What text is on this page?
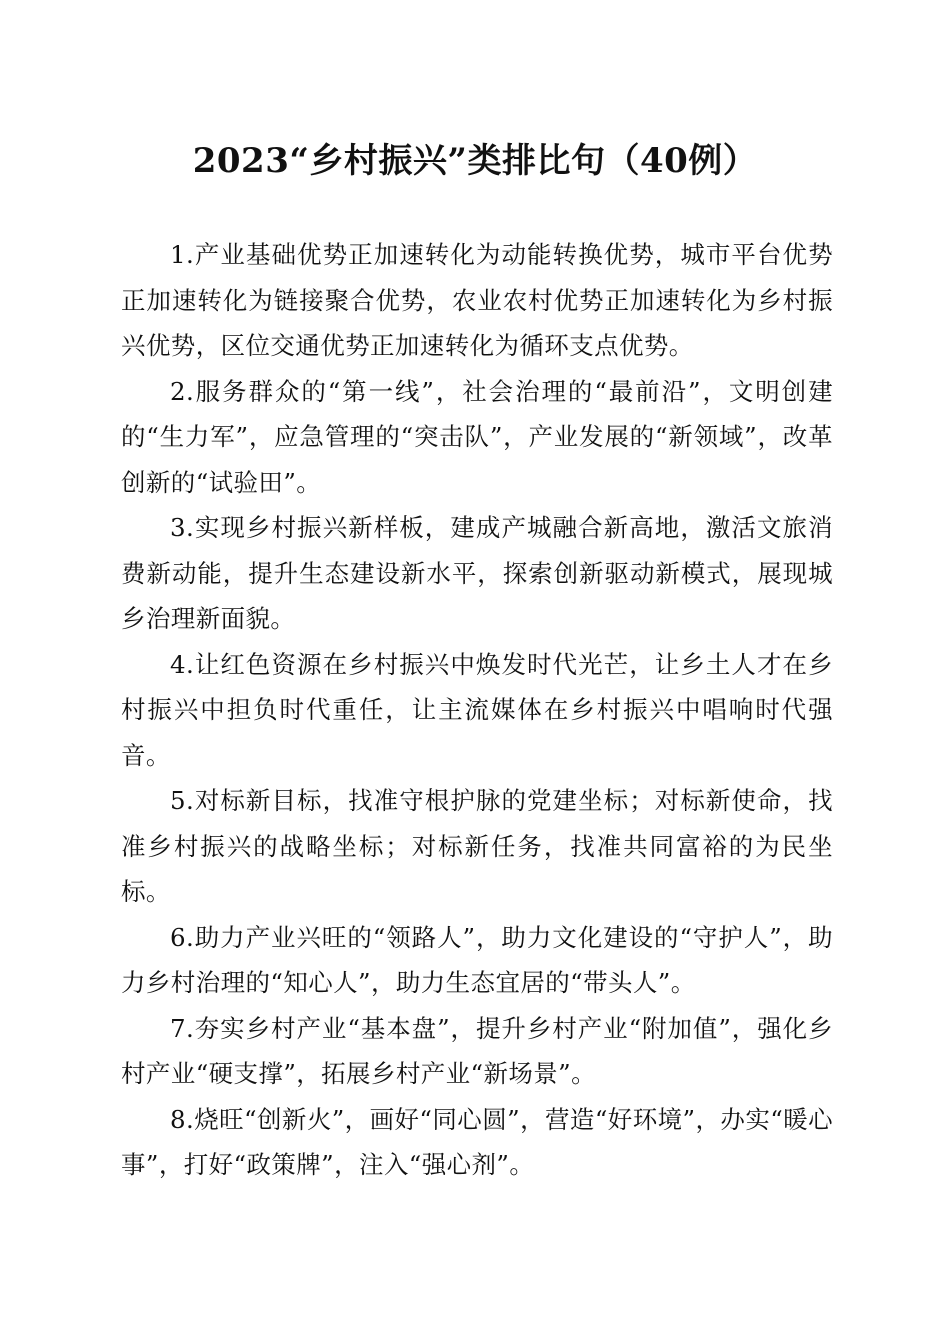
2023“乡村振兴”类排比句（40例）

1.产业基础优势正加速转化为动能转换优势，城市平台优势正加速转化为链接聚合优势，农业农村优势正加速转化为乡村振兴优势，区位交通优势正加速转化为循环支点优势。

2.服务群众的“第一线”，社会治理的“最前沿”，文明创建的“生力军”，应急管理的“突击队”，产业发展的“新领域”，改革创新的“试验田”。

3.实现乡村振兴新样板，建成产城融合新高地，激活文旅消费新动能，提升生态建设新水平，探索创新驱动新模式，展现城乡治理新面貌。

4.让红色资源在乡村振兴中焕发时代光芒，让乡土人才在乡村振兴中担负时代重任，让主流媒体在乡村振兴中唱响时代强音。

5.对标新目标，找准守根护脉的党建坐标；对标新使命，找准乡村振兴的战略坐标；对标新任务，找准共同富裕的为民坐标。

6.助力产业兴旺的“领路人”，助力文化建设的“守护人”，助力乡村治理的“知心人”，助力生态宜居的“带头人”。

7.夯实乡村产业“基本盘”，提升乡村产业“附加值”，强化乡村产业“硬支撑”，拓展乡村产业“新场景”。

8.烧旺“创新火”，画好“同心圆”，营造“好环境”，办实“暖心事”，打好“政策牌”，注入“强心剂”。
